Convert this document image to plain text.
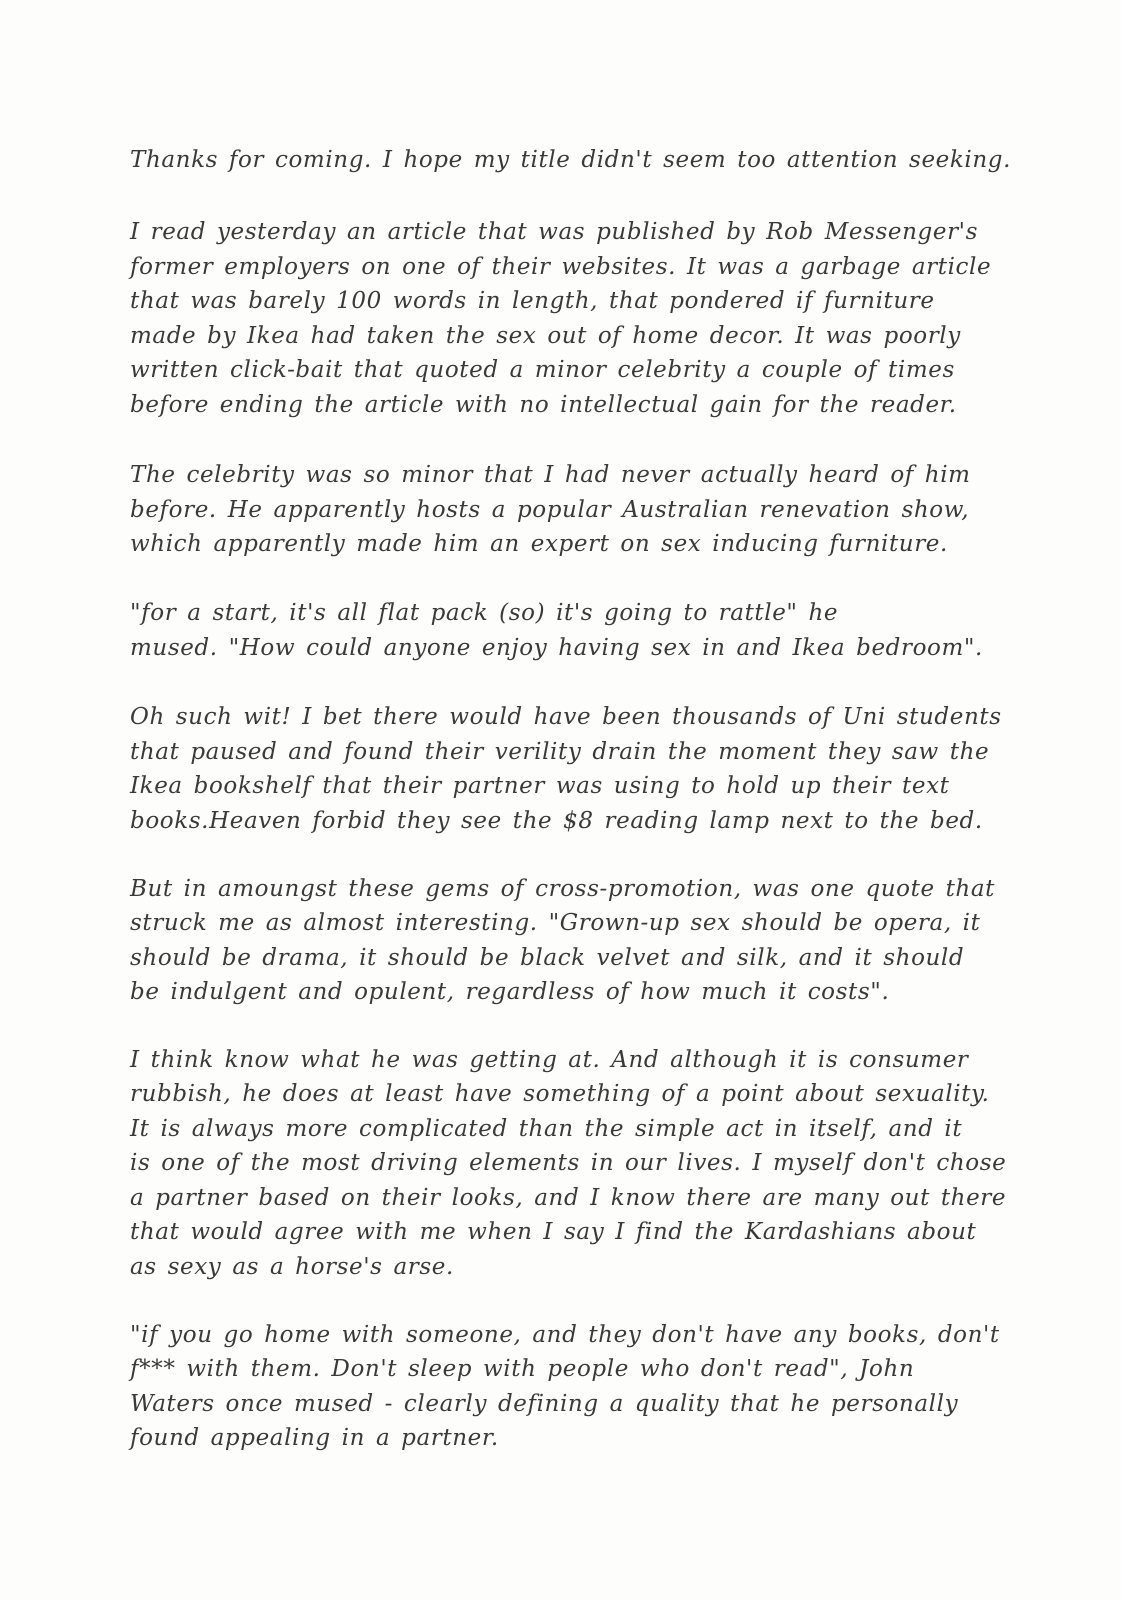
Thanks for coming. I hope my title didn't seem too attention seeking.
I read yesterday an article that was published by Rob Messenger's
former employers on one of their websites. It was a garbage article
that was barely 100 words in length, that pondered if furniture
made by Ikea had taken the sex out of home decor. It was poorly
written click-bait that quoted a minor celebrity a couple of times
before ending the article with no intellectual gain for the reader.
The celebrity was so minor that I had never actually heard of him
before. He apparently hosts a popular Australian renevation show,
which apparently made him an expert on sex inducing furniture.
"for a start, it's all flat pack (so) it's going to rattle" he
mused. "How could anyone enjoy having sex in and Ikea bedroom".
Oh such wit! I bet there would have been thousands of Uni students
that paused and found their verility drain the moment they saw the
Ikea bookshelf that their partner was using to hold up their text
books.Heaven forbid they see the $8 reading lamp next to the bed.
But in amoungst these gems of cross-promotion, was one quote that
struck me as almost interesting. "Grown-up sex should be opera, it
should be drama, it should be black velvet and silk, and it should
be indulgent and opulent, regardless of how much it costs".
I think know what he was getting at. And although it is consumer
rubbish, he does at least have something of a point about sexuality.
It is always more complicated than the simple act in itself, and it
is one of the most driving elements in our lives. I myself don't chose
a partner based on their looks, and I know there are many out there
that would agree with me when I say I find the Kardashians about
as sexy as a horse's arse.
"if you go home with someone, and they don't have any books, don't
f*** with them. Don't sleep with people who don't read", John
Waters once mused - clearly defining a quality that he personally
found appealing in a partner.
